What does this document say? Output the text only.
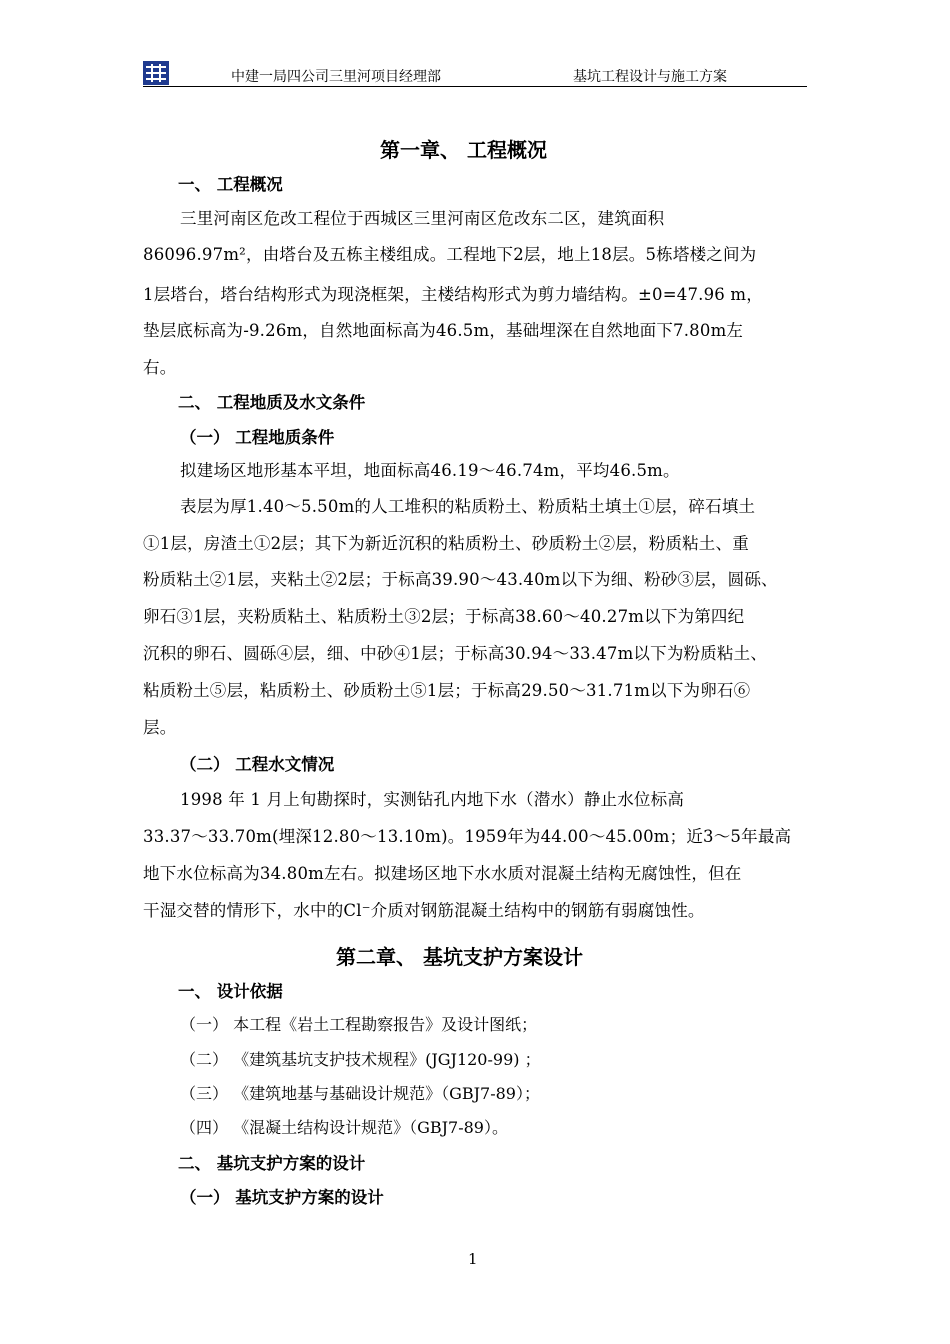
中建一局四公司三里河项目经理部	基坑工程设计与施工方案
第一章、 工程概况
一、 工程概况
三里河南区危改工程位于西城区三里河南区危改东二区，建筑面积
86096.97m²，由塔台及五栋主楼组成。工程地下2层，地上18层。5栋塔楼之间为
1层塔台，塔台结构形式为现浇框架，主楼结构形式为剪力墙结构。±0=47.96 m，
垫层底标高为-9.26m，自然地面标高为46.5m，基础埋深在自然地面下7.80m左
右。
二、 工程地质及水文条件
（一） 工程地质条件
拟建场区地形基本平坦，地面标高46.19～46.74m，平均46.5m。
表层为厚1.40～5.50m的人工堆积的粘质粉土、粉质粘土填土①层，碎石填土
①1层，房渣土①2层；其下为新近沉积的粘质粉土、砂质粉土②层，粉质粘土、重
粉质粘土②1层，夹粘土②2层；于标高39.90～43.40m以下为细、粉砂③层，圆砾、
卵石③1层，夹粉质粘土、粘质粉土③2层；于标高38.60～40.27m以下为第四纪
沉积的卵石、圆砾④层，细、中砂④1层；于标高30.94～33.47m以下为粉质粘土、
粘质粉土⑤层，粘质粉土、砂质粉土⑤1层；于标高29.50～31.71m以下为卵石⑥
层。
（二） 工程水文情况
1998 年 1 月上旬勘探时，实测钻孔内地下水（潜水）静止水位标高
33.37～33.70m(埋深12.80～13.10m)。1959年为44.00～45.00m；近3～5年最高
地下水位标高为34.80m左右。拟建场区地下水水质对混凝土结构无腐蚀性，但在
干湿交替的情形下，水中的Cl⁻介质对钢筋混凝土结构中的钢筋有弱腐蚀性。
第二章、 基坑支护方案设计
一、 设计依据
（一） 本工程《岩土工程勘察报告》及设计图纸；
（二） 《建筑基坑支护技术规程》(JGJ120-99) ；
（三） 《建筑地基与基础设计规范》（GBJ7-89）；
（四） 《混凝土结构设计规范》（GBJ7-89）。
二、 基坑支护方案的设计
（一） 基坑支护方案的设计
1
